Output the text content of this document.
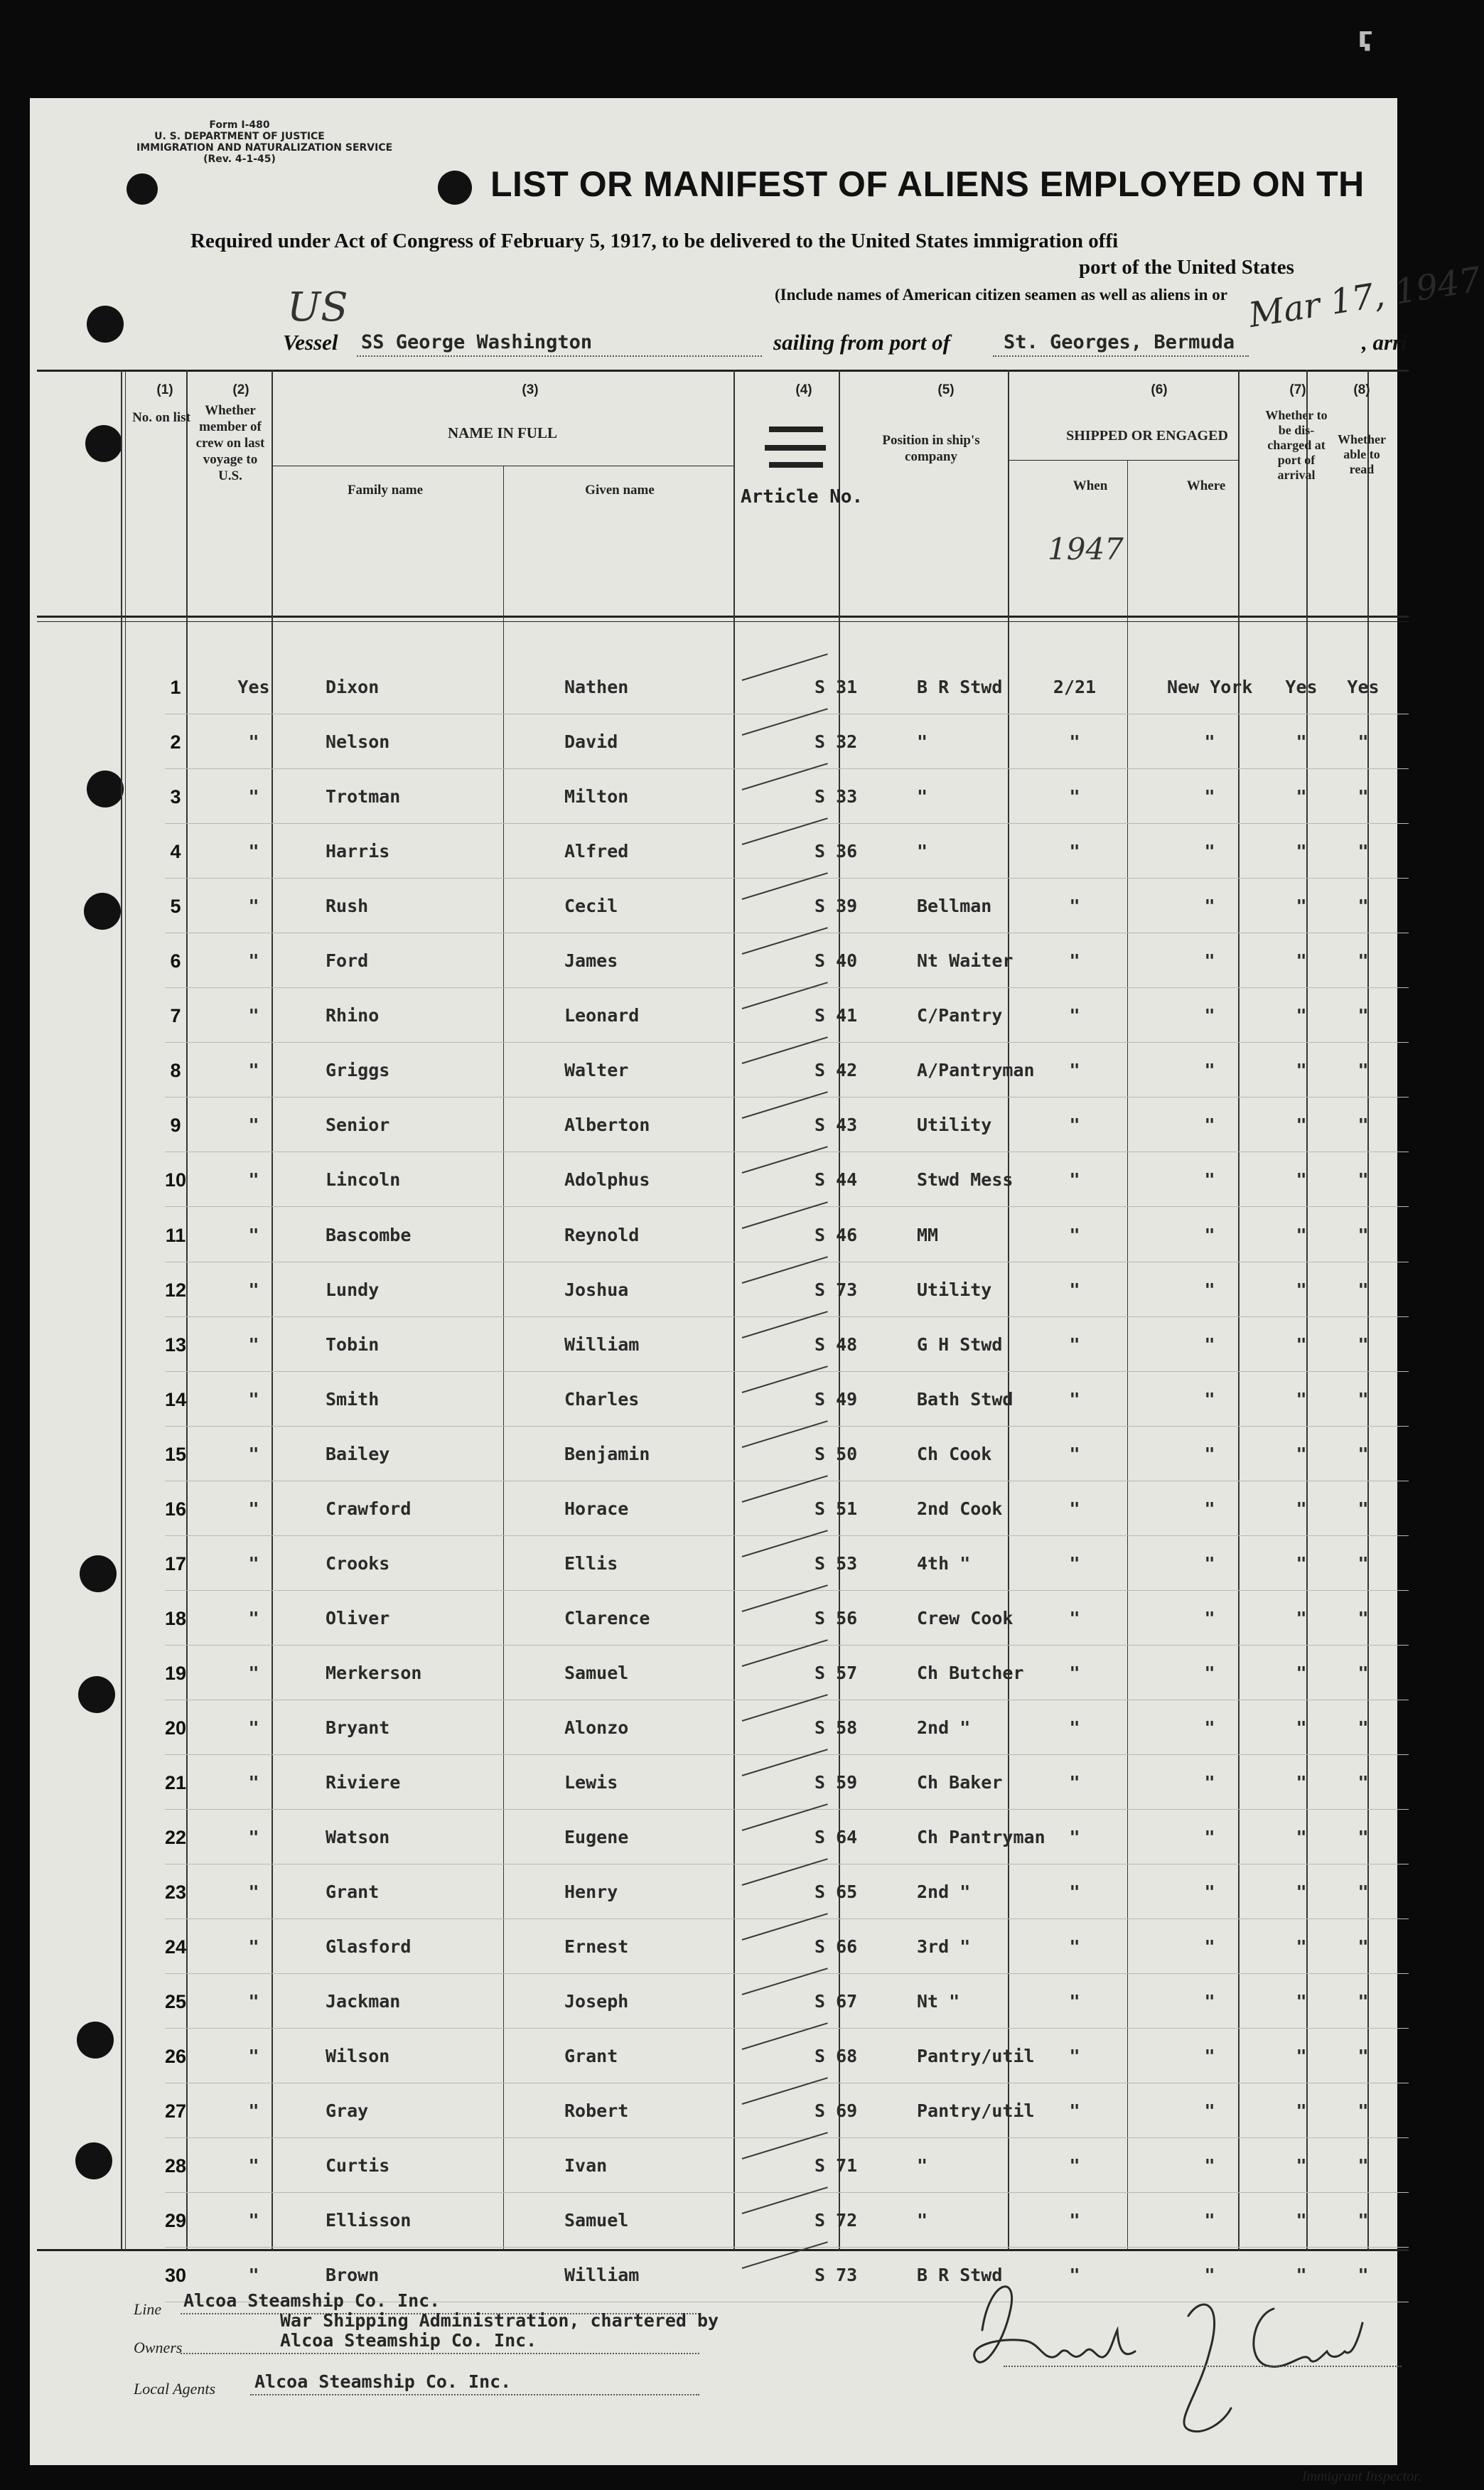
ӷ
Form I-480
U. S. DEPARTMENT OF JUSTICE
IMMIGRATION AND NATURALIZATION SERVICE
(Rev. 4-1-45)
LIST OR MANIFEST OF ALIENS EMPLOYED ON TH
Required under Act of Congress of February 5, 1917, to be delivered to the United States immigration offi
port of the United States
(Include names of American citizen seamen as well as aliens in or
US
Vessel SS George Washington	sailing from port of	St. Georges, Bermuda
Mar 17, 1947
, arri
(1)	(2)	(3)	(4)	(5)	(6)	(7)	(8)
No. on list	Whether member of crew on last voyage to U.S.
NAME IN FULL
Family name	Given name	Article No.
Position in ship's company
SHIPPED OR ENGAGED
When	Where
Whether to be dis-charged at port of arrival
Whether able to read
1947
1	Yes	Dixon	Nathen	S 31	B R Stwd	2/21	New York	Yes	Yes
2	"	Nelson	David	S 32	"	"	"	"	"
3	"	Trotman	Milton	S 33	"	"	"	"	"
4	"	Harris	Alfred	S 36	"	"	"	"	"
5	"	Rush	Cecil	S 39	Bellman	"	"	"	"
6	"	Ford	James	S 40	Nt Waiter	"	"	"	"
7	"	Rhino	Leonard	S 41	C/Pantry	"	"	"	"
8	"	Griggs	Walter	S 42	A/Pantryman	"	"	"	"
9	"	Senior	Alberton	S 43	Utility	"	"	"	"
10	"	Lincoln	Adolphus	S 44	Stwd Mess	"	"	"	"
11	"	Bascombe	Reynold	S 46	MM	"	"	"	"
12	"	Lundy	Joshua	S 73	Utility	"	"	"	"
13	"	Tobin	William	S 48	G H Stwd	"	"	"	"
14	"	Smith	Charles	S 49	Bath Stwd	"	"	"	"
15	"	Bailey	Benjamin	S 50	Ch Cook	"	"	"	"
16	"	Crawford	Horace	S 51	2nd Cook	"	"	"	"
17	"	Crooks	Ellis	S 53	4th "	"	"	"	"
18	"	Oliver	Clarence	S 56	Crew Cook	"	"	"	"
19	"	Merkerson	Samuel	S 57	Ch Butcher	"	"	"	"
20	"	Bryant	Alonzo	S 58	2nd "	"	"	"	"
21	"	Riviere	Lewis	S 59	Ch Baker	"	"	"	"
22	"	Watson	Eugene	S 64	Ch Pantryman	"	"	"	"
23	"	Grant	Henry	S 65	2nd "	"	"	"	"
24	"	Glasford	Ernest	S 66	3rd "	"	"	"	"
25	"	Jackman	Joseph	S 67	Nt "	"	"	"	"
26	"	Wilson	Grant	S 68	Pantry/util	"	"	"	"
27	"	Gray	Robert	S 69	Pantry/util	"	"	"	"
28	"	Curtis	Ivan	S 71	"	"	"	"	"
29	"	Ellisson	Samuel	S 72	"	"	"	"	"
30	"	Brown	William	S 73	B R Stwd	"	"	"	"
Line Alcoa Steamship Co. Inc.
War Shipping Administration, chartered by
Owners	Alcoa Steamship Co. Inc.
Local Agents Alcoa Steamship Co. Inc.
Herbert J. Conly
Immigrant Inspector.
